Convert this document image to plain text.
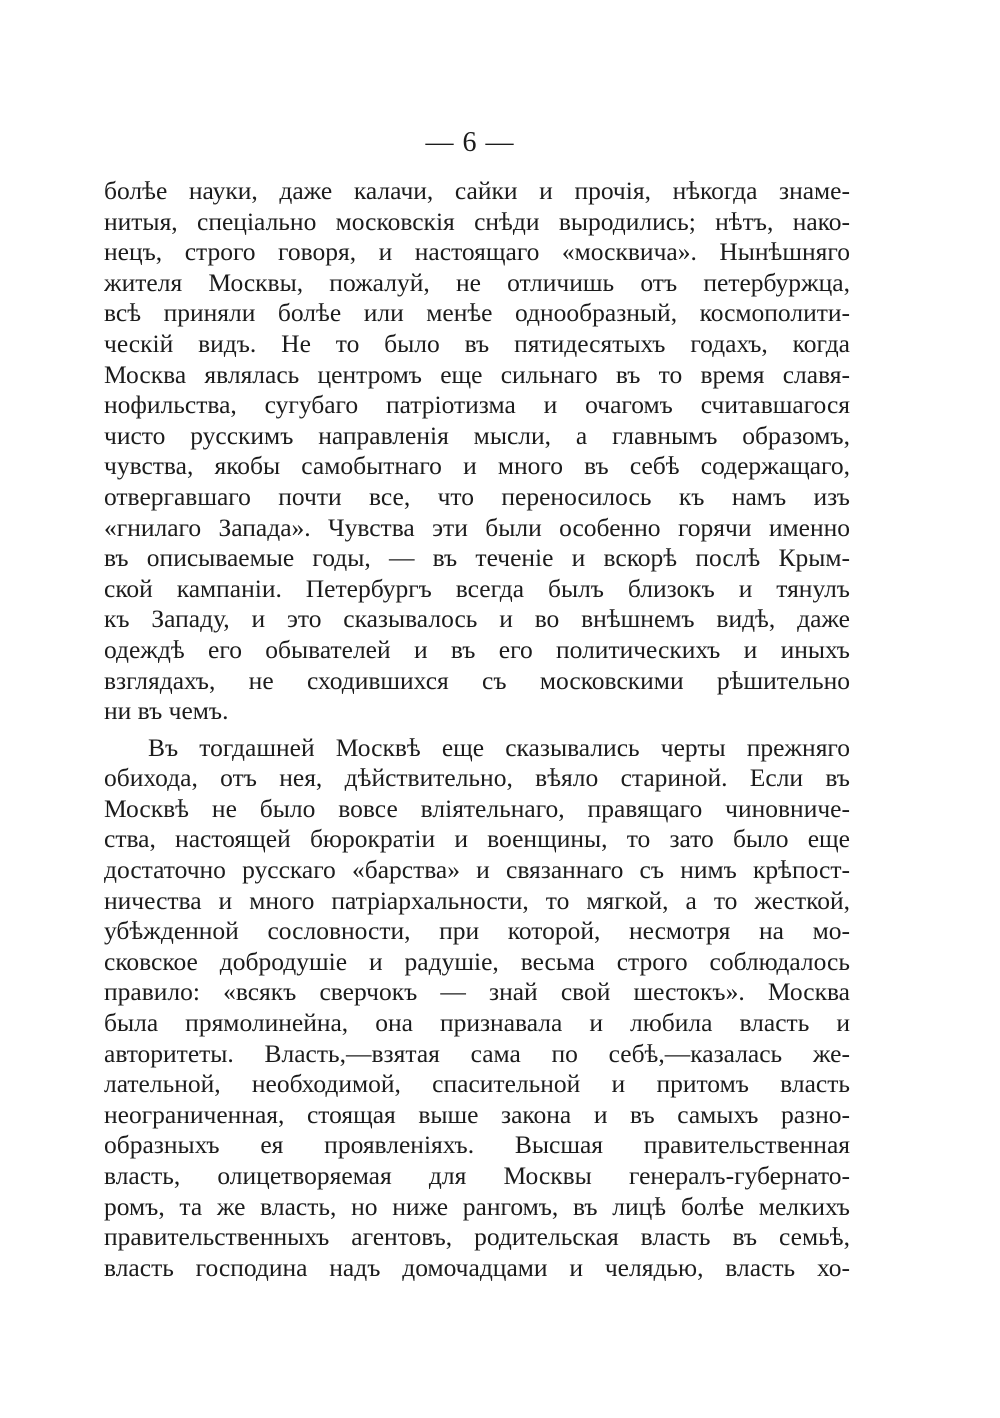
— 6 —
болѣе науки, даже калачи, сайки и прочія, нѣкогда знаме-
нитыя, спеціально московскія снѣди выродились; нѣтъ, нако-
нецъ, строго говоря, и настоящаго «москвича». Нынѣшняго
жителя Москвы, пожалуй, не отличишь отъ петербуржца,
всѣ приняли болѣе или менѣе однообразный, космополити-
ческій видъ. Не то было въ пятидесятыхъ годахъ, когда
Москва являлась центромъ еще сильнаго въ то время славя-
нофильства, сугубаго патріотизма и очагомъ считавшагося
чисто русскимъ направленія мысли, а главнымъ образомъ,
чувства, якобы самобытнаго и много въ себѣ содержащаго,
отвергавшаго почти все, что переносилось къ намъ изъ
«гнилаго Запада». Чувства эти были особенно горячи именно
въ описываемые годы, — въ теченіе и вскорѣ послѣ Крым-
ской кампаніи. Петербургъ всегда былъ близокъ и тянулъ
къ Западу, и это сказывалось и во внѣшнемъ видѣ, даже
одеждѣ его обывателей и въ его политическихъ и иныхъ
взглядахъ, не сходившихся съ московскими рѣшительно
ни въ чемъ.
Въ тогдашней Москвѣ еще сказывались черты прежняго
обихода, отъ нея, дѣйствительно, вѣяло стариной. Если въ
Москвѣ не было вовсе вліятельнаго, правящаго чиновниче-
ства, настоящей бюрократіи и военщины, то зато было еще
достаточно русскаго «барства» и связаннаго съ нимъ крѣпост-
ничества и много патріархальности, то мягкой, а то жесткой,
убѣжденной сословности, при которой, несмотря на мо-
сковское добродушіе и радушіе, весьма строго соблюдалось
правило: «всякъ сверчокъ — знай свой шестокъ». Москва
была прямолинейна, она признавала и любила власть и
авторитеты. Власть,—взятая сама по себѣ,—казалась же-
лательной, необходимой, спасительной и притомъ власть
неограниченная, стоящая выше закона и въ самыхъ разно-
образныхъ ея проявленіяхъ. Высшая правительственная
власть, олицетворяемая для Москвы генералъ-губернато-
ромъ, та же власть, но ниже рангомъ, въ лицѣ болѣе мелкихъ
правительственныхъ агентовъ, родительская власть въ семьѣ,
власть господина надъ домочадцами и челядью, власть хо-
